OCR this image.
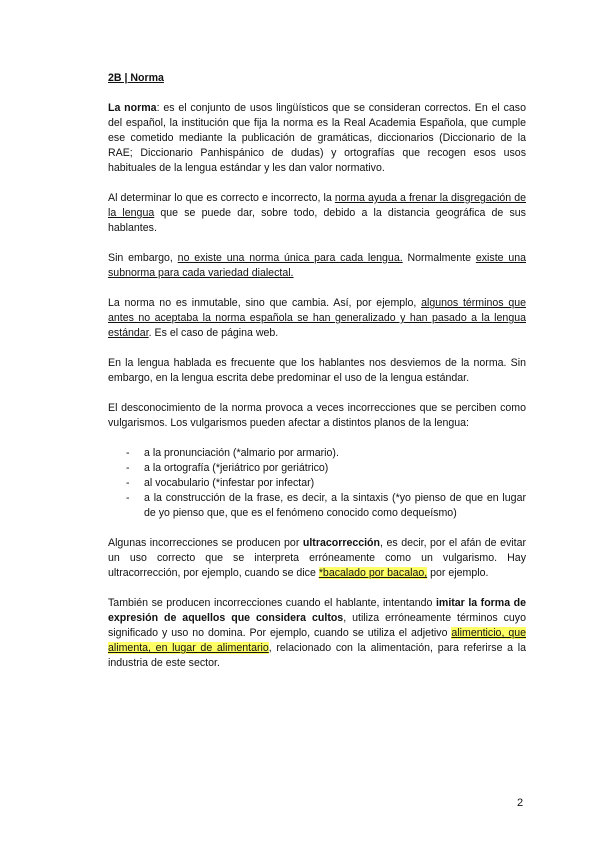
2B | Norma

La norma: es el conjunto de usos lingüísticos que se consideran correctos. En el caso del español, la institución que fija la norma es la Real Academia Española, que cumple ese cometido mediante la publicación de gramáticas, diccionarios (Diccionario de la RAE; Diccionario Panhispánico de dudas) y ortografías que recogen esos usos habituales de la lengua estándar y les dan valor normativo.

Al determinar lo que es correcto e incorrecto, la norma ayuda a frenar la disgregación de la lengua que se puede dar, sobre todo, debido a la distancia geográfica de sus hablantes.

Sin embargo, no existe una norma única para cada lengua. Normalmente existe una subnorma para cada variedad dialectal.

La norma no es inmutable, sino que cambia. Así, por ejemplo, algunos términos que antes no aceptaba la norma española se han generalizado y han pasado a la lengua estándar. Es el caso de página web.

En la lengua hablada es frecuente que los hablantes nos desviemos de la norma. Sin embargo, en la lengua escrita debe predominar el uso de la lengua estándar.

El desconocimiento de la norma provoca a veces incorrecciones que se perciben como vulgarismos. Los vulgarismos pueden afectar a distintos planos de la lengua:

- a la pronunciación (*almario por armario).
- a la ortografía (*jeriátrico por geriátrico)
- al vocabulario (*infestar por infectar)
- a la construcción de la frase, es decir, a la sintaxis (*yo pienso de que en lugar de yo pienso que, que es el fenómeno conocido como dequeísmo)

Algunas incorrecciones se producen por ultracorrección, es decir, por el afán de evitar un uso correcto que se interpreta erróneamente como un vulgarismo. Hay ultracorrección, por ejemplo, cuando se dice *bacalado por bacalao, por ejemplo.

También se producen incorrecciones cuando el hablante, intentando imitar la forma de expresión de aquellos que considera cultos, utiliza erróneamente términos cuyo significado y uso no domina. Por ejemplo, cuando se utiliza el adjetivo alimenticio, que alimenta, en lugar de alimentario, relacionado con la alimentación, para referirse a la industria de este sector.

2
